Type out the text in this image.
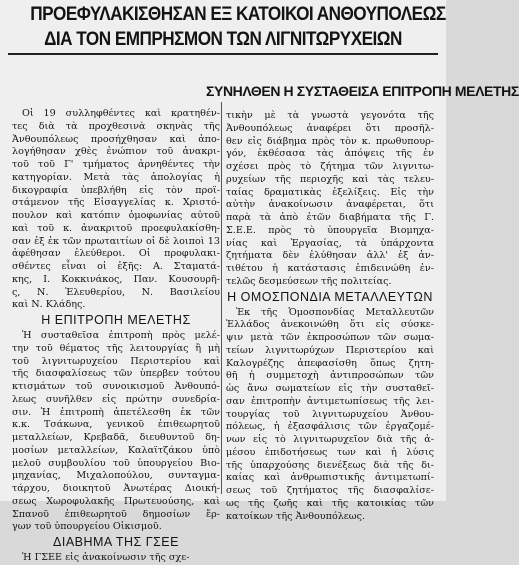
ΠΡΟΕΦΥΛΑΚΙΣΘΗΣΑΝ ΕΞ ΚΑΤΟΙΚΟΙ ΑΝΘΟΥΠΟΛΕΩΣ
ΔΙΑ ΤΟΝ ΕΜΠΡΗΣΜΟΝ ΤΩΝ ΛΙΓΝΙΤΩΡΥΧΕΙΩΝ
ΣΥΝΗΛΘΕΝ Η ΣΥΣΤΑΘΕΙΣΑ ΕΠΙΤΡΟΠΗ ΜΕΛΕΤΗΣ
Οἱ 19 συλληφθέντες καὶ κρατηθέν-
τες διὰ τὰ προχθεσινὰ σκηνὰς τῆς
Ἀνθουπόλεως προσήχθησαν καὶ ἀπο-
λογήθησαν χθὲς ἐνώπιον τοῦ ἀνακρι-
τοῦ τοῦ Γ' τμήματος ἀρνηθέντες τὴν
κατηγορίαν. Μετὰ τὰς ἀπολογίας ἡ
δικογραφία ὑπεβλήθη εἰς τὸν προϊ-
στάμενον τῆς Εἰσαγγελίας κ. Χριστό-
πουλον καὶ κατόπιν ὁμοφωνίας αὐτοῦ
καὶ τοῦ κ. ἀνακριτοῦ προεφυλακίσθη-
σαν ἐξ ἐκ τῶν πρωταιτίων οἱ δὲ λοιποὶ 13
ἀφέθησαν ἐλεύθεροι. Οἱ προφυλακι-
σθέντες εἶναι οἱ ἑξῆς: Α. Σταματά-
κης, Ι. Κοκκινάκος, Παν. Κουσουρῆ-
ς, Ν. Ἐλευθερίου, Ν. Βασιλείου
καὶ Ν. Κλάδης.
Η ΕΠΙΤΡΟΠΗ ΜΕΛΕΤΗΣ
Ἡ συσταθεῖσα ἐπιτροπὴ πρὸς μελέ-
την τοῦ θέματος τῆς λειτουργίας ἢ μὴ
τοῦ λιγνιτωρυχείου Περιστερίου καὶ
τῆς διασφαλίσεως τῶν ὑπερβεν τούτου
κτισμάτων τοῦ συνοικισμοῦ Ἀνθουπό-
λεως συνῆλθεν εἰς πρώτην συνεδρία-
σιν. Ἡ ἐπιτροπὴ ἀπετέλεσθη ἐκ τῶν
κ.κ. Τσάκωνα, γενικοῦ ἐπιθεωρητοῦ
μεταλλείων, Κρεβαδᾶ, διευθυντοῦ δη-
μοσίων μεταλλείων, Καλαϊτζάκου ὑπὸ
μελοῦ συμβουλίου τοῦ ὑπουργείου Βιο-
μηχανίας, Μιχαλοπούλου, συνταγμα-
τάρχου, διοικητοῦ Ἀνωτέρας Διοική-
σεως Χωροφυλακῆς Πρωτευούσης, καὶ
Σπανοῦ ἐπιθεωρητοῦ δημοσίων ἔρ-
γων τοῦ ὑπουργείου Οἰκισμοῦ.
ΔΙΑΒΗΜΑ ΤΗΣ ΓΣΕΕ
Ἡ ΓΣΕΕ εἰς ἀνακοίνωσιν τῆς σχε-
τικὴν μὲ τὰ γνωστὰ γεγονότα τῆς
Ἀνθουπόλεως ἀναφέρει ὅτι προσῆλ-
θεν εἰς διάβημα πρὸς τὸν κ. πρωθυπουρ-
γόν, ἐκθέσασα τὰς ἀπόψεις τῆς ἐν
σχέσει πρὸς τὸ ζήτημα τῶν λιγνιτω-
ρυχείων τῆς περιοχῆς καὶ τὰς τελευ-
ταίας δραματικὰς ἐξελίξεις. Εἰς τὴν
αὐτὴν ἀνακοίνωσιν ἀναφέρεται, ὅτι
παρὰ τὰ ἀπὸ ἐτῶν διαβήματα τῆς Γ.
Σ.Ε.Ε. πρὸς τὸ ὑπουργεῖα Βιομηχα-
νίας καὶ Ἐργασίας, τὰ ὑπάρχοντα
ζητήματα δὲν ἐλύθησαν ἀλλ' ἐξ ἀν-
τιθέτου ἡ κατάστασις ἐπιδεινώθη ἐν-
τελῶς δεσμεύσεων τῆς πολιτείας.
Η ΟΜΟΣΠΟΝΔΙΑ ΜΕΤΑΛΛΕΥΤΩΝ
Ἐκ τῆς Ὁμοσπονδίας Μεταλλευτῶν
Ἑλλάδος ἀνεκοινώθη ὅτι εἰς σύσκε-
ψιν μετὰ τῶν ἐκπροσώπων τῶν σωμα-
τείων λιγνιτωρύχων Περιστερίου καὶ
Καλογρέζης ἀπεφασίσθη ὅπως ζητη-
θῆ ἡ συμμετοχὴ ἀντιπροσώπων τῶν
ὡς ἄνω σωματείων εἰς τὴν συσταθεῖ-
σαν ἐπιτροπὴν ἀντιμετωπίσεως τῆς λει-
τουργίας τοῦ λιγνιτωρυχείου Ἀνθου-
πόλεως, ἡ ἐξασφάλισις τῶν ἐργαζομέ-
νων εἰς τὸ λιγνιτωρυχεῖον διὰ τῆς ἀ-
μέσου ἐπιδοτήσεως των καὶ ἡ λύσις
τῆς ὑπαρχούσης διενέξεως διὰ τῆς δι-
καίας καὶ ἀνθρωπιστικῆς ἀντιμετωπί-
σεως τοῦ ζητήματος τῆς διασφαλίσε-
ως τῆς ζωῆς καὶ τῆς κατοικίας τῶν
κατοίκων τῆς Ἀνθουπόλεως.
